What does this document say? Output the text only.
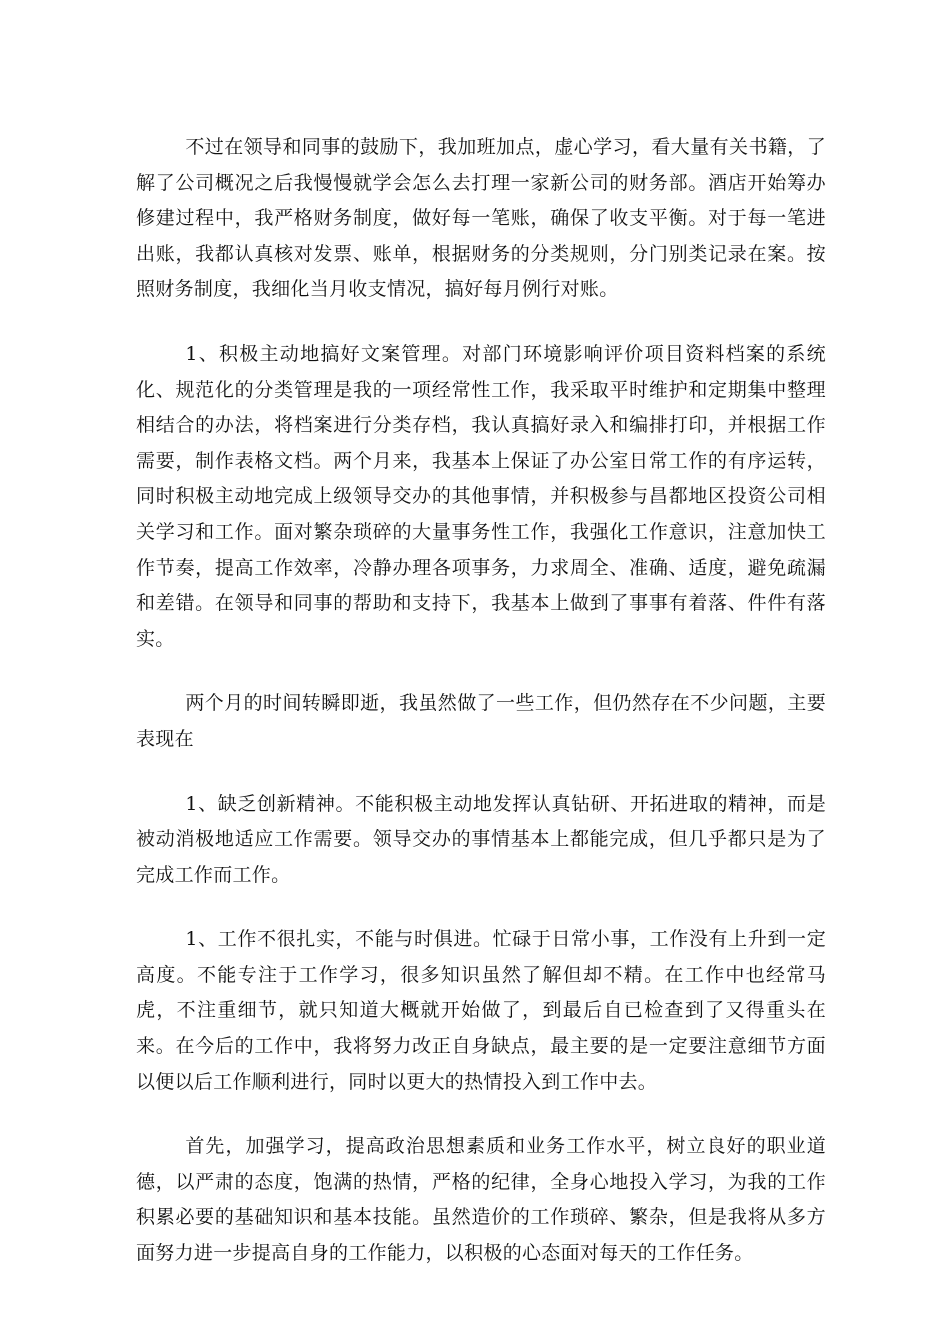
不过在领导和同事的鼓励下，我加班加点，虚心学习，看大量有关书籍，了解了公司概况之后我慢慢就学会怎么去打理一家新公司的财务部。酒店开始筹办修建过程中，我严格财务制度，做好每一笔账，确保了收支平衡。对于每一笔进出账，我都认真核对发票、账单，根据财务的分类规则，分门别类记录在案。按照财务制度，我细化当月收支情况，搞好每月例行对账。

1、积极主动地搞好文案管理。对部门环境影响评价项目资料档案的系统化、规范化的分类管理是我的一项经常性工作，我采取平时维护和定期集中整理相结合的办法，将档案进行分类存档，我认真搞好录入和编排打印，并根据工作需要，制作表格文档。两个月来，我基本上保证了办公室日常工作的有序运转，同时积极主动地完成上级领导交办的其他事情，并积极参与昌都地区投资公司相关学习和工作。面对繁杂琐碎的大量事务性工作，我强化工作意识，注意加快工作节奏，提高工作效率，冷静办理各项事务，力求周全、准确、适度，避免疏漏和差错。在领导和同事的帮助和支持下，我基本上做到了事事有着落、件件有落实。

两个月的时间转瞬即逝，我虽然做了一些工作，但仍然存在不少问题，主要表现在

1、缺乏创新精神。不能积极主动地发挥认真钻研、开拓进取的精神，而是被动消极地适应工作需要。领导交办的事情基本上都能完成，但几乎都只是为了完成工作而工作。

1、工作不很扎实，不能与时俱进。忙碌于日常小事，工作没有上升到一定高度。不能专注于工作学习，很多知识虽然了解但却不精。在工作中也经常马虎，不注重细节，就只知道大概就开始做了，到最后自已检查到了又得重头在来。在今后的工作中，我将努力改正自身缺点，最主要的是一定要注意细节方面以便以后工作顺利进行，同时以更大的热情投入到工作中去。

首先，加强学习，提高政治思想素质和业务工作水平，树立良好的职业道德，以严肃的态度，饱满的热情，严格的纪律，全身心地投入学习，为我的工作积累必要的基础知识和基本技能。虽然造价的工作琐碎、繁杂，但是我将从多方面努力进一步提高自身的工作能力，以积极的心态面对每天的工作任务。
